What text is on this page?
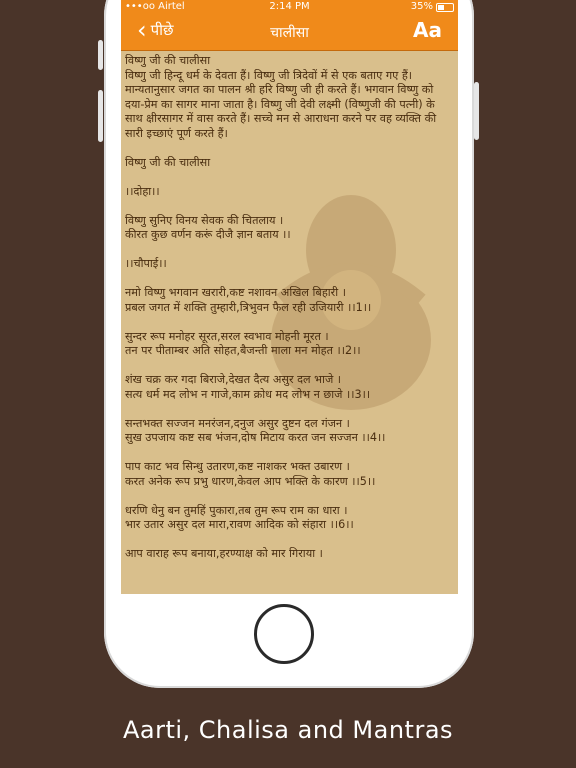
•••oo Airtel	2:14 PM	35%
‹ पीछे	चालीसा	Aa

विष्णु जी की चालीसा
विष्णु जी हिन्दू धर्म के देवता हैं। विष्णु जी त्रिदेवों में से एक बताए गए हैं। मान्यतानुसार जगत का पालन श्री हरि विष्णु जी ही करते हैं। भगवान विष्णु को दया-प्रेम का सागर माना जाता है। विष्णु जी देवी लक्ष्मी (विष्णुजी की पत्नी) के साथ क्षीरसागर में वास करते हैं। सच्चे मन से आराधना करने पर वह व्यक्ति की सारी इच्छाएं पूर्ण करते हैं।

विष्णु जी की चालीसा

।।दोहा।।

विष्णु सुनिए विनय सेवक की चितलाय ।
कीरत कुछ वर्णन करूं दीजै ज्ञान बताय ।।

।।चौपाई।।

नमो विष्णु भगवान खरारी,कष्ट नशावन अखिल बिहारी ।
प्रबल जगत में शक्ति तुम्हारी,त्रिभुवन फैल रही उजियारी ।।1।।

सुन्दर रूप मनोहर सूरत,सरल स्वभाव मोहनी मूरत ।
तन पर पीताम्बर अति सोहत,बैजन्ती माला मन मोहत ।।2।।

शंख चक्र कर गदा बिराजे,देखत दैत्य असुर दल भाजे ।
सत्य धर्म मद लोभ न गाजे,काम क्रोध मद लोभ न छाजे ।।3।।

सन्तभक्त सज्जन मनरंजन,दनुज असुर दुष्टन दल गंजन ।
सुख उपजाय कष्ट सब भंजन,दोष मिटाय करत जन सज्जन ।।4।।

पाप काट भव सिन्धु उतारण,कष्ट नाशकर भक्त उबारण ।
करत अनेक रूप प्रभु धारण,केवल आप भक्ति के कारण ।।5।।

धरणि धेनु बन तुमहिं पुकारा,तब तुम रूप राम का धारा ।
भार उतार असुर दल मारा,रावण आदिक को संहारा ।।6।।

आप वाराह रूप बनाया,हरण्याक्ष को मार गिराया ।

Aarti, Chalisa and Mantras
